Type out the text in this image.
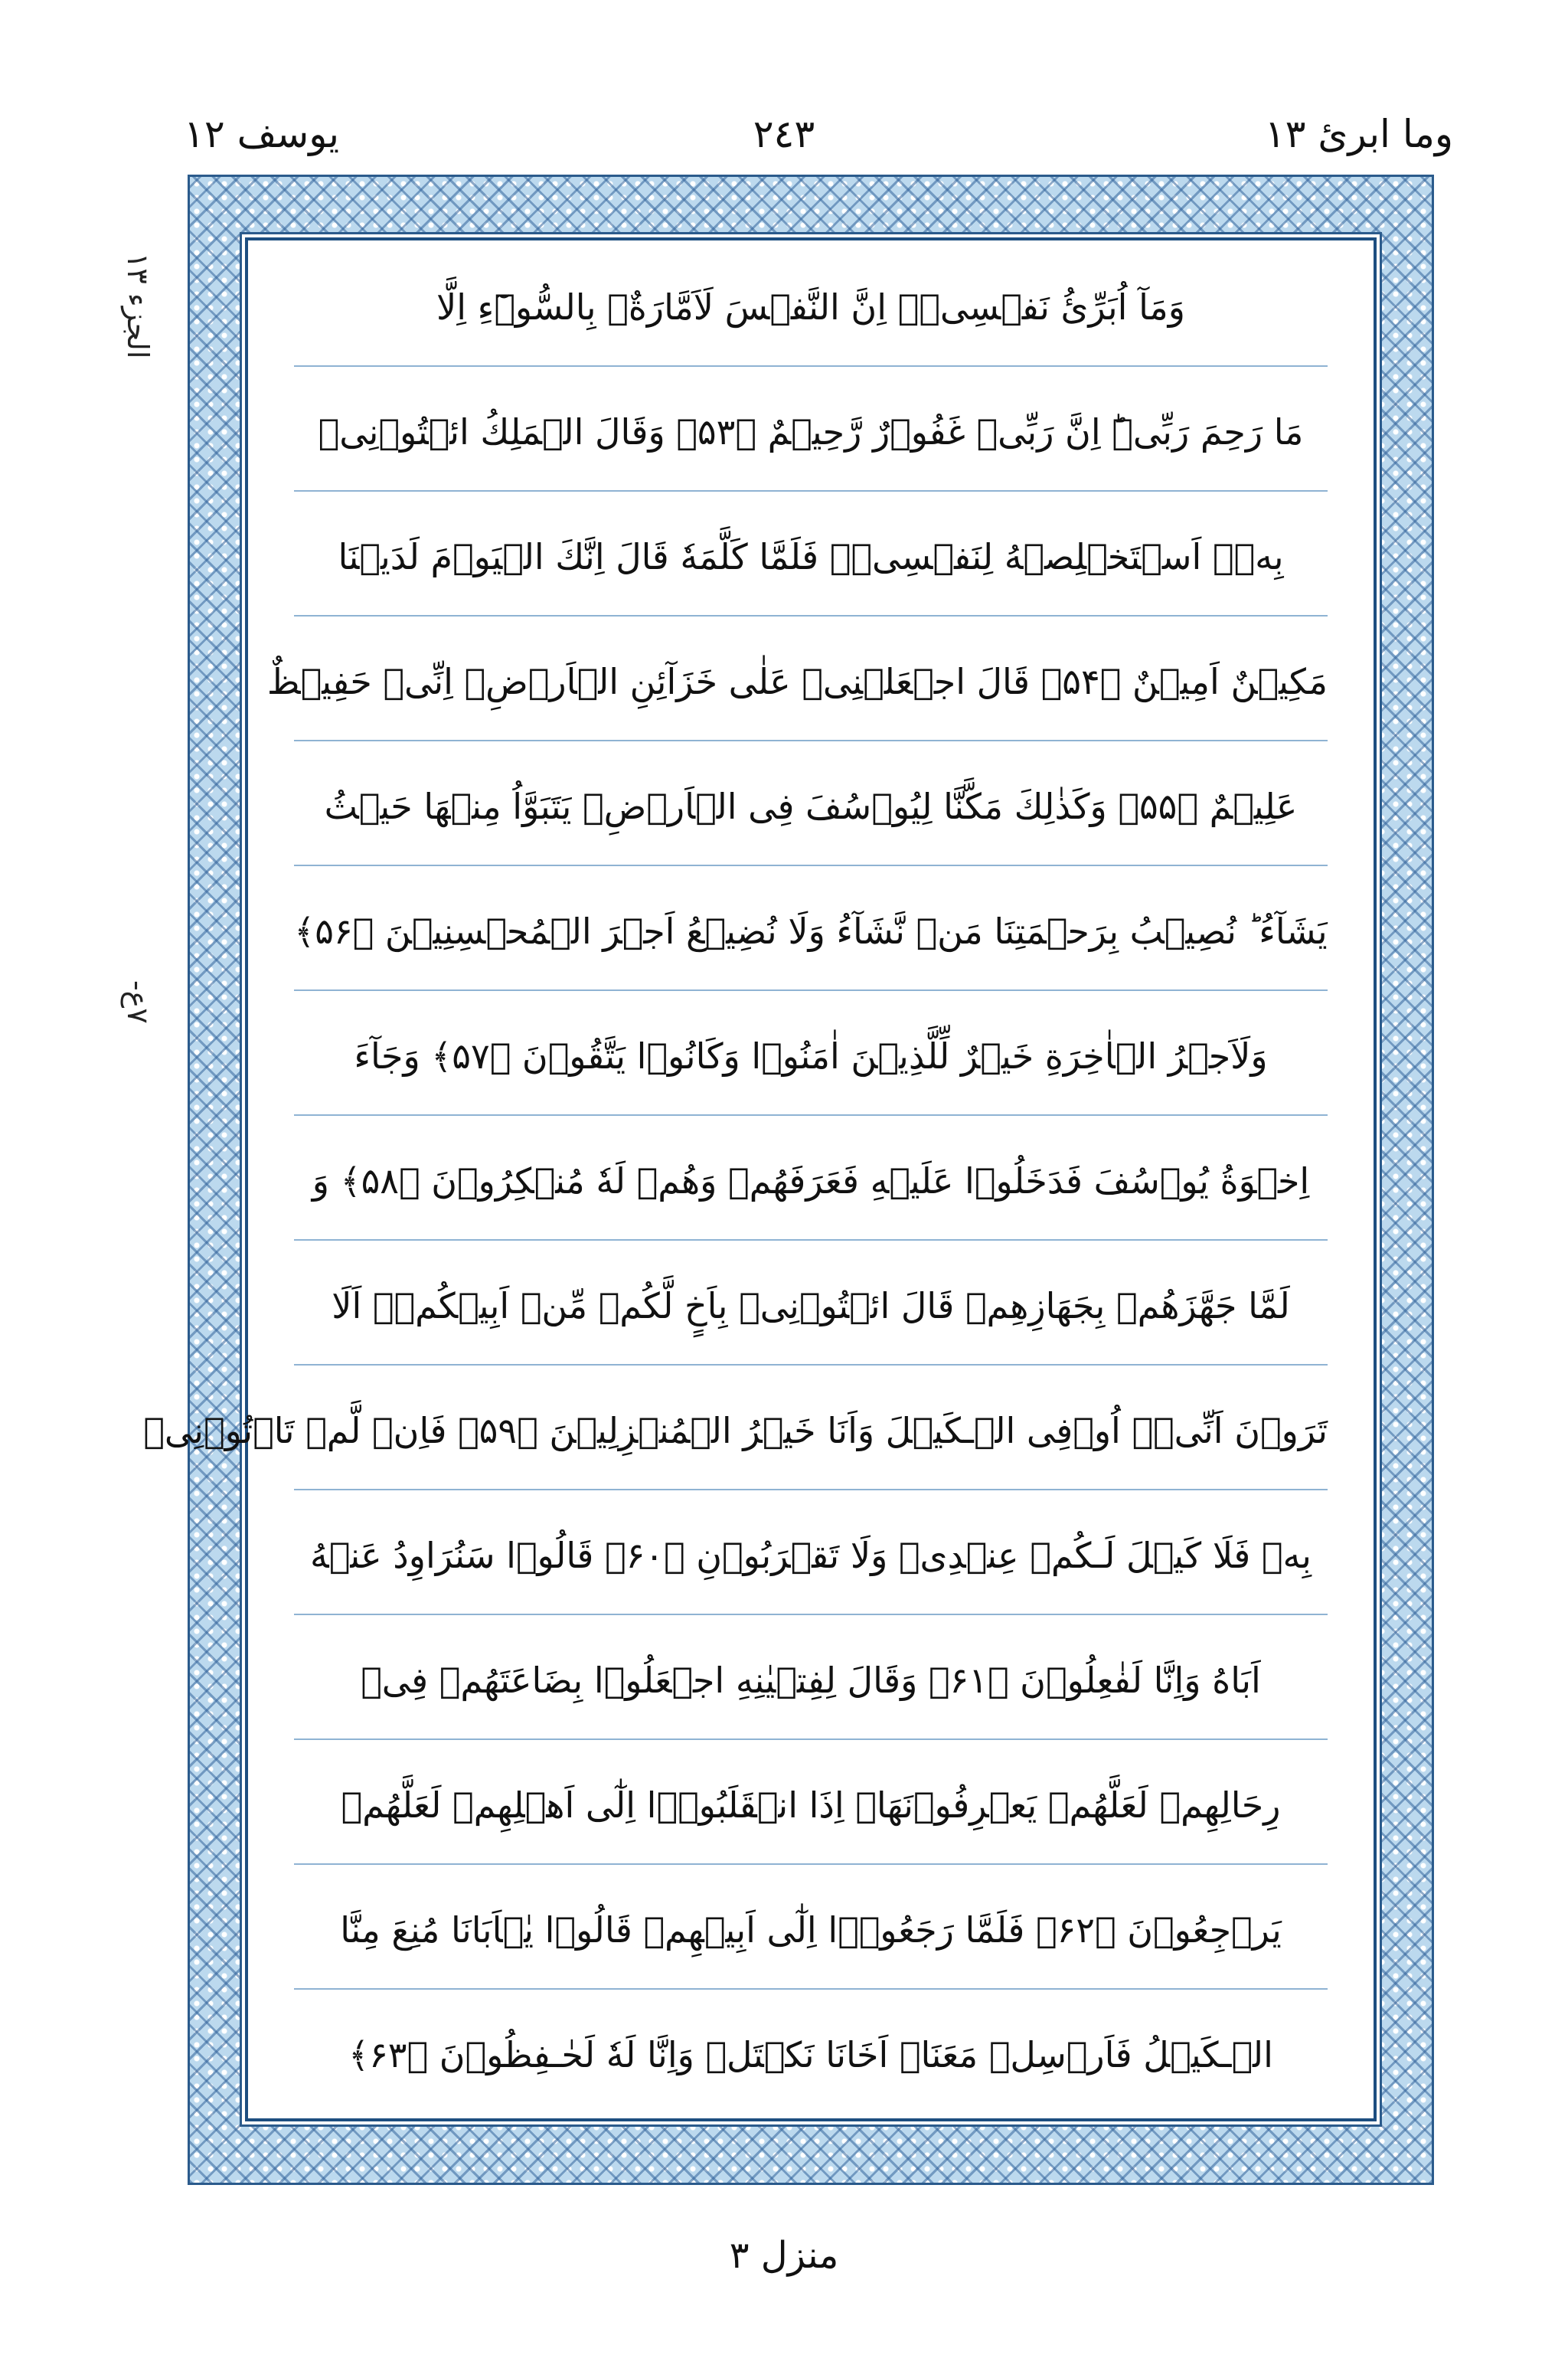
وما ابرئ ١٣
٢٤٣
يوسف ١٢
الجزء ١٣
٧ع-
وَمَآ اُبَرِّئُ نَفۡسِىۡ‌ۚ اِنَّ النَّفۡسَ لَاَمَّارَةٌۢ بِالسُّوۡٓءِ اِلَّا
مَا رَحِمَ رَبِّىۡ‌ؕ اِنَّ رَبِّىۡ غَفُوۡرٌ رَّحِيۡمٌ ﴿۵۳﴾ وَقَالَ الۡمَلِكُ ائۡتُوۡنِىۡ
بِهٖۤ اَسۡتَخۡلِصۡهُ لِنَفۡسِىۡ‌ۚ فَلَمَّا كَلَّمَهٗ قَالَ اِنَّكَ الۡيَوۡمَ لَدَيۡنَا
مَكِيۡنٌ اَمِيۡنٌ ﴿۵۴﴾ قَالَ اجۡعَلۡنِىۡ عَلٰى خَزَآئِنِ الۡاَرۡضِ‌ۚ اِنِّىۡ حَفِيۡظٌ
عَلِيۡمٌ ﴿۵۵﴾ وَكَذٰلِكَ مَكَّنَّا لِيُوۡسُفَ فِى الۡاَرۡضِ‌ۚ يَتَبَوَّاُ مِنۡهَا حَيۡثُ
يَشَآءُ‌ ؕ نُصِيۡبُ بِرَحۡمَتِنَا مَنۡ نَّشَآءُ‌ وَلَا نُضِيۡعُ اَجۡرَ الۡمُحۡسِنِيۡنَ ﴿۵۶﴾
وَلَاَجۡرُ الۡاٰخِرَةِ خَيۡرٌ لِّلَّذِيۡنَ اٰمَنُوۡا وَكَانُوۡا يَتَّقُوۡنَ ﴿۵۷﴾ وَجَآءَ
اِخۡوَةُ يُوۡسُفَ فَدَخَلُوۡا عَلَيۡهِ فَعَرَفَهُمۡ وَهُمۡ لَهٗ مُنۡكِرُوۡنَ ﴿۵۸﴾ وَ
لَمَّا جَهَّزَهُمۡ بِجَهَازِهِمۡ قَالَ ائۡتُوۡنِىۡ بِاَخٍ لَّكُمۡ مِّنۡ اَبِيۡكُمۡ‌ۚ اَلَا
تَرَوۡنَ اَنِّىۡۤ اُوۡفِى الۡـكَيۡلَ وَاَنَا خَيۡرُ الۡمُنۡزِلِيۡنَ ﴿۵۹﴾ فَاِنۡ لَّمۡ تَاۡتُوۡنِىۡ
بِهٖ فَلَا كَيۡلَ لَـكُمۡ عِنۡدِىۡ وَلَا تَقۡرَبُوۡنِ ﴿۶۰﴾ قَالُوۡا سَنُرَاوِدُ عَنۡهُ
اَبَاهُ وَاِنَّا لَفٰعِلُوۡنَ ﴿۶۱﴾ وَقَالَ لِفِتۡيٰنِهِ اجۡعَلُوۡا بِضَاعَتَهُمۡ فِىۡ
رِحَالِهِمۡ لَعَلَّهُمۡ يَعۡرِفُوۡنَهَاۤ اِذَا انۡقَلَبُوۡۤا اِلٰٓى اَهۡلِهِمۡ لَعَلَّهُمۡ
يَرۡجِعُوۡنَ ﴿۶۲﴾ فَلَمَّا رَجَعُوۡۤا اِلٰٓى اَبِيۡهِمۡ قَالُوۡا يٰۤاَبَانَا مُنِعَ مِنَّا
الۡـكَيۡلُ فَاَرۡسِلۡ مَعَنَاۤ اَخَانَا نَكۡتَلۡ وَاِنَّا لَهٗ لَحٰـفِظُوۡنَ ﴿۶۳﴾
منزل ٣
